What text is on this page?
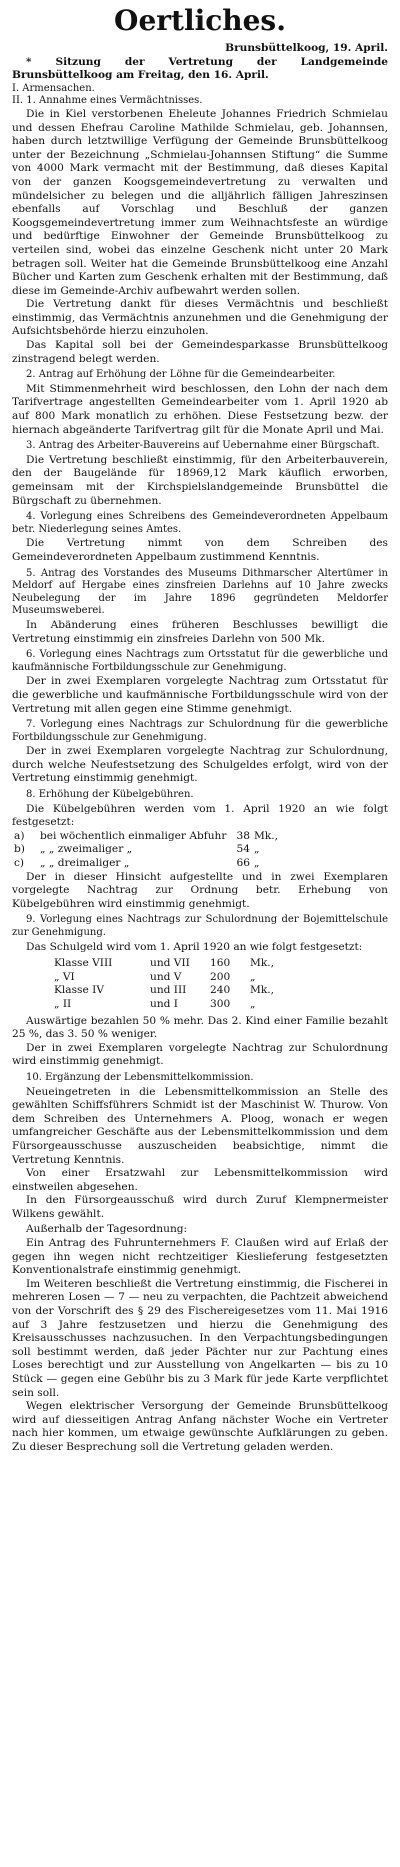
Oertliches.

Brunsbüttelkoog, 19. April.

* Sitzung der Vertretung der Landgemeinde Brunsbüttelkoog am Freitag, den 16. April.

I. Armensachen.

II. 1. Annahme eines Vermächtnisses.

Die in Kiel verstorbenen Eheleute Johannes Friedrich Schmielau und dessen Ehefrau Caroline Mathilde Schmielau, geb. Johannsen, haben durch letztwillige Verfügung der Gemeinde Brunsbüttelkoog unter der Bezeichnung „Schmielau-Johannsen Stiftung“ die Summe von 4000 Mark vermacht mit der Bestimmung, daß dieses Kapital von der ganzen Koogsgemeindevertretung zu verwalten und mündelsicher zu belegen und die alljährlich fälligen Jahreszinsen ebenfalls auf Vorschlag und Beschluß der ganzen Koogsgemeindevertretung immer zum Weihnachtsfeste an würdige und bedürftige Einwohner der Gemeinde Brunsbüttelkoog zu verteilen sind, wobei das einzelne Geschenk nicht unter 20 Mark betragen soll. Weiter hat die Gemeinde Brunsbüttelkoog eine Anzahl Bücher und Karten zum Geschenk erhalten mit der Bestimmung, daß diese im Gemeinde-Archiv aufbewahrt werden sollen.

Die Vertretung dankt für dieses Vermächtnis und beschließt einstimmig, das Vermächtnis anzunehmen und die Genehmigung der Aufsichtsbehörde hierzu einzuholen.

Das Kapital soll bei der Gemeindesparkasse Brunsbüttelkoog zinstragend belegt werden.

2. Antrag auf Erhöhung der Löhne für die Gemeindearbeiter.

Mit Stimmenmehrheit wird beschlossen, den Lohn der nach dem Tarifvertrage angestellten Gemeindearbeiter vom 1. April 1920 ab auf 800 Mark monatlich zu erhöhen. Diese Festsetzung bezw. der hiernach abgeänderte Tarifvertrag gilt für die Monate April und Mai.

3. Antrag des Arbeiter-Bauvereins auf Uebernahme einer Bürgschaft.

Die Vertretung beschließt einstimmig, für den Arbeiterbauverein, den der Baugelände für 18969,12 Mark käuflich erworben, gemeinsam mit der Kirchspielslandgemeinde Brunsbüttel die Bürgschaft zu übernehmen.

4. Vorlegung eines Schreibens des Gemeindeverordneten Appelbaum betr. Niederlegung seines Amtes.

Die Vertretung nimmt von dem Schreiben des Gemeindeverordneten Appelbaum zustimmend Kenntnis.

5. Antrag des Vorstandes des Museums Dithmarscher Altertümer in Meldorf auf Hergabe eines zinsfreien Darlehns auf 10 Jahre zwecks Neubelegung der im Jahre 1896 gegründeten Meldorfer Museumsweberei.

In Abänderung eines früheren Beschlusses bewilligt die Vertretung einstimmig ein zinsfreies Darlehn von 500 Mk.

6. Vorlegung eines Nachtrags zum Ortsstatut für die gewerbliche und kaufmännische Fortbildungsschule zur Genehmigung.

Der in zwei Exemplaren vorgelegte Nachtrag zum Ortsstatut für die gewerbliche und kaufmännische Fortbildungsschule wird von der Vertretung mit allen gegen eine Stimme genehmigt.

7. Vorlegung eines Nachtrags zur Schulordnung für die gewerbliche Fortbildungsschule zur Genehmigung.

Der in zwei Exemplaren vorgelegte Nachtrag zur Schulordnung, durch welche Neufestsetzung des Schulgeldes erfolgt, wird von der Vertretung einstimmig genehmigt.

8. Erhöhung der Kübelgebühren.

Die Kübelgebühren werden vom 1. April 1920 an wie folgt festgesetzt:

a)	bei wöchentlich einmaliger Abfuhr 38 Mk.,
b)	„ „ zweimaliger „	54 „
c)	„ „ dreimaliger „	66 „

Der in dieser Hinsicht aufgestellte und in zwei Exemplaren vorgelegte Nachtrag zur Ordnung betr. Erhebung von Kübelgebühren wird einstimmig genehmigt.

9. Vorlegung eines Nachtrags zur Schulordnung der Bojemittelschule zur Genehmigung.

Das Schulgeld wird vom 1. April 1920 an wie folgt festgesetzt:

Klasse VIII	und VII	160	Mk.,
„ VI	und V	200	„
Klasse IV	und III	240	Mk.,
„ II	und I	300	„

Auswärtige bezahlen 50 % mehr. Das 2. Kind einer Familie bezahlt 25 %, das 3. 50 % weniger.

Der in zwei Exemplaren vorgelegte Nachtrag zur Schulordnung wird einstimmig genehmigt.

10. Ergänzung der Lebensmittelkommission.

Neueingetreten in die Lebensmittelkommission an Stelle des gewählten Schiffsführers Schmidt ist der Maschinist W. Thurow. Von dem Schreiben des Unternehmers A. Ploog, wonach er wegen umfangreicher Geschäfte aus der Lebensmittelkommission und dem Fürsorgeausschusse auszuscheiden beabsichtige, nimmt die Vertretung Kenntnis.

Von einer Ersatzwahl zur Lebensmittelkommission wird einstweilen abgesehen.

In den Fürsorgeausschuß wird durch Zuruf Klempnermeister Wilkens gewählt.

Außerhalb der Tagesordnung:

Ein Antrag des Fuhrunternehmers F. Claußen wird auf Erlaß der gegen ihn wegen nicht rechtzeitiger Kieslieferung festgesetzten Konventionalstrafe einstimmig genehmigt.

Im Weiteren beschließt die Vertretung einstimmig, die Fischerei in mehreren Losen — 7 — neu zu verpachten, die Pachtzeit abweichend von der Vorschrift des § 29 des Fischereigesetzes vom 11. Mai 1916 auf 3 Jahre festzusetzen und hierzu die Genehmigung des Kreisausschusses nachzusuchen. In den Verpachtungsbedingungen soll bestimmt werden, daß jeder Pächter nur zur Pachtung eines Loses berechtigt und zur Ausstellung von Angelkarten — bis zu 10 Stück — gegen eine Gebühr bis zu 3 Mark für jede Karte verpflichtet sein soll.

Wegen elektrischer Versorgung der Gemeinde Brunsbüttelkoog wird auf diesseitigen Antrag Anfang nächster Woche ein Vertreter nach hier kommen, um etwaige gewünschte Aufklärungen zu geben. Zu dieser Besprechung soll die Vertretung geladen werden.
